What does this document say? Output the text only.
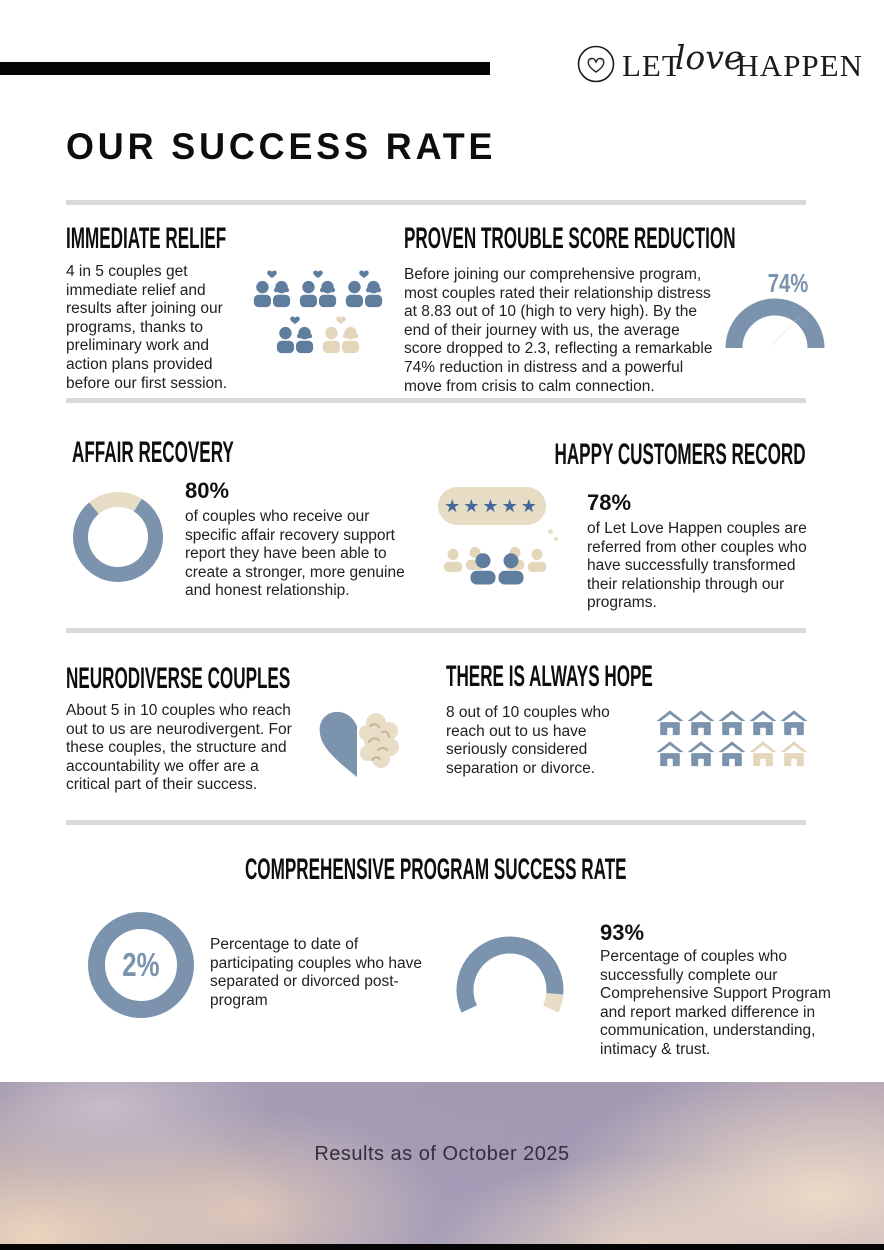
LET
love
HAPPEN
OUR SUCCESS RATE
IMMEDIATE RELIEF
4 in 5 couples get immediate relief and results after joining our programs, thanks to preliminary work and action plans provided before our first session.
PROVEN TROUBLE SCORE REDUCTION
Before joining our comprehensive program, most couples rated their relationship distress at 8.83 out of 10 (high to very high). By the end of their journey with us, the average score dropped to 2.3, reflecting a remarkable 74% reduction in distress and a powerful move from crisis to calm connection.
74%
AFFAIR RECOVERY
80%
of couples who receive our specific affair recovery support report they have been able to create a stronger, more genuine and honest relationship.
HAPPY CUSTOMERS RECORD
★★★★★ 78%
of Let Love Happen couples are referred from other couples who have successfully transformed their relationship through our programs.
NEURODIVERSE COUPLES
About 5 in 10 couples who reach out to us are neurodivergent. For these couples, the structure and accountability we offer are a critical part of their success.
THERE IS ALWAYS HOPE
8 out of 10 couples who reach out to us have seriously considered separation or divorce.
COMPREHENSIVE PROGRAM SUCCESS RATE
2%
Percentage to date of participating couples who have separated or divorced post-program
93%
Percentage of couples who successfully complete our Comprehensive Support Program and report marked difference in communication, understanding, intimacy & trust.
Results as of October 2025
